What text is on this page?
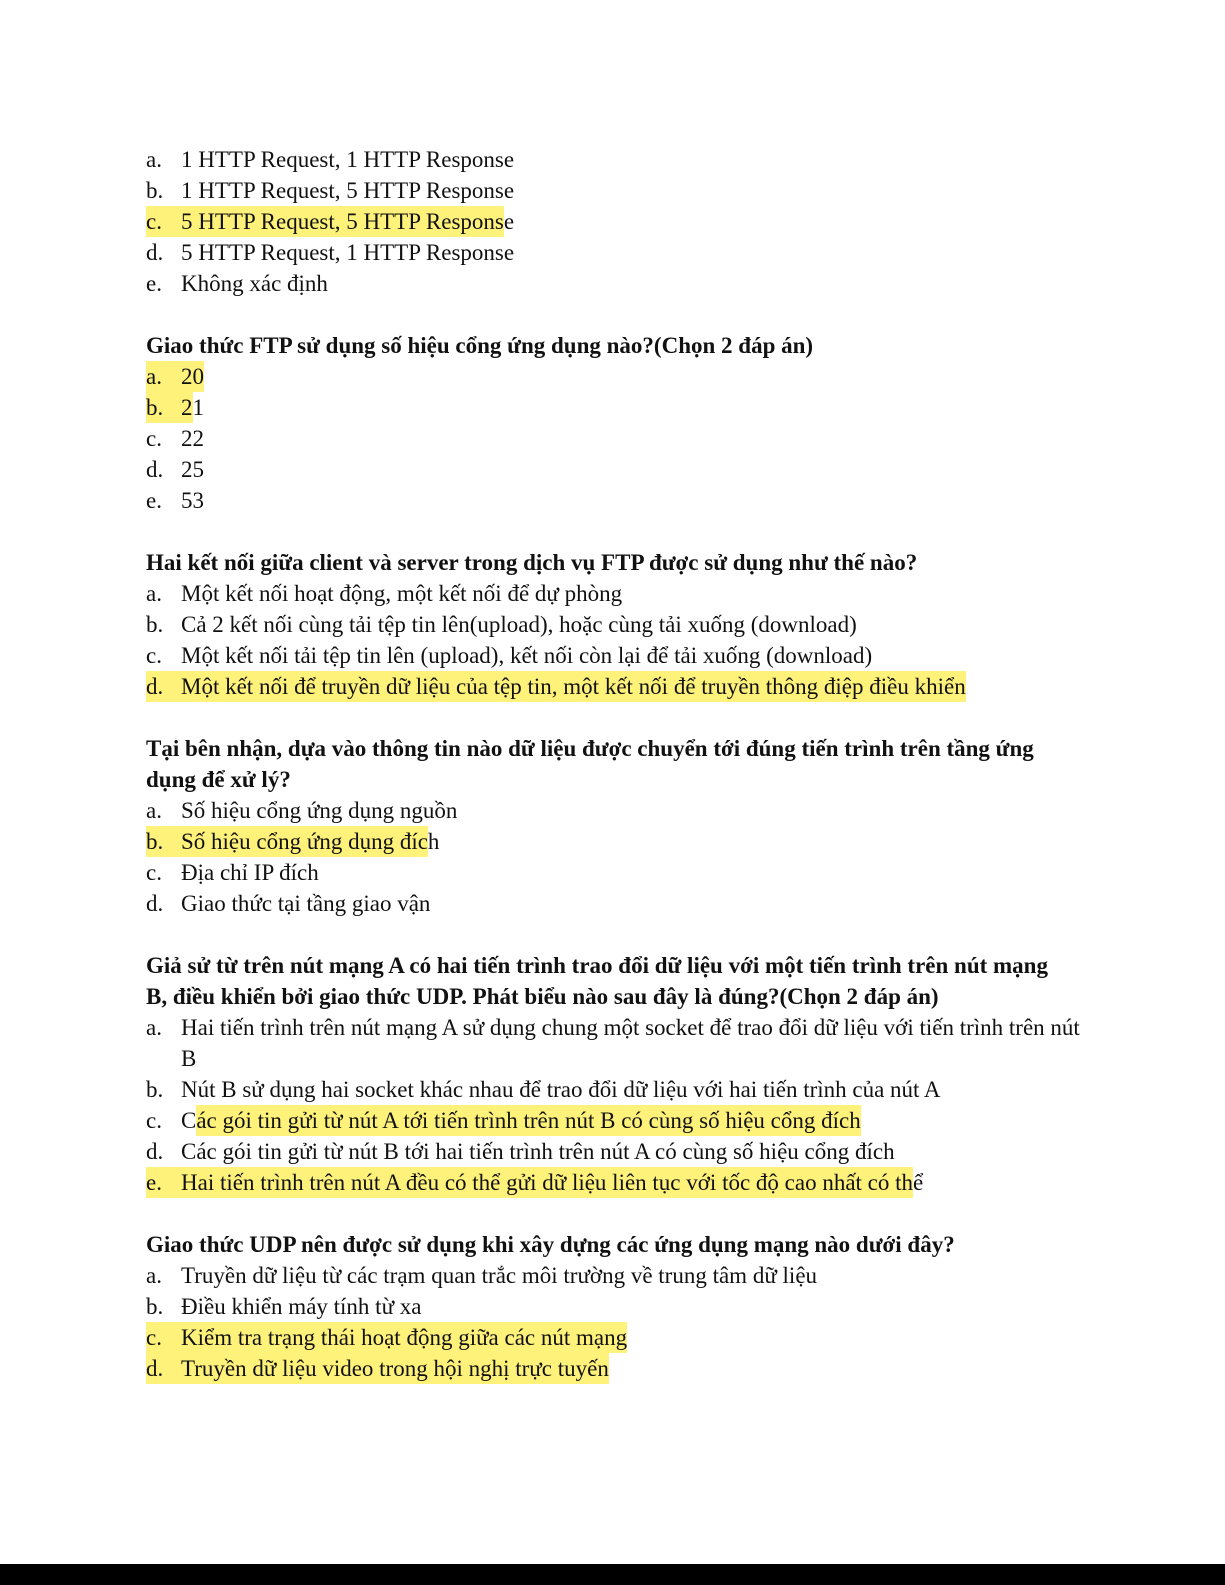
a. 1 HTTP Request, 1 HTTP Response

b. 1 HTTP Request, 5 HTTP Response

c. 5 HTTP Request, 5 HTTP Respons e

d. 5 HTTP Request, 1 HTTP Response

e. Không xác định

Giao thức FTP sử dụng số hiệu cổng ứng dụng nào?(Chọn 2 đáp án)

a. 20

b. 2 1

c. 22

d. 25

e. 53

Hai kết nối giữa client và server trong dịch vụ FTP được sử dụng như thế nào?

a. Một kết nối hoạt động, một kết nối để dự phòng

b. Cả 2 kết nối cùng tải tệp tin lên(upload), hoặc cùng tải xuống (download)

c. Một kết nối tải tệp tin lên (upload), kết nối còn lại để tải xuống (download)

d. Một kết nối để truyền dữ liệu của tệp tin, một kết nối để truyền thông điệp điều khiển

Tại bên nhận, dựa vào thông tin nào dữ liệu được chuyển tới đúng tiến trình trên tầng ứng

dụng để xử lý?

a. Số hiệu cổng ứng dụng nguồn

b. Số hiệu cổng ứng dụng đíc h

c. Địa chỉ IP đích

d. Giao thức tại tầng giao vận

Giả sử từ trên nút mạng A có hai tiến trình trao đổi dữ liệu với một tiến trình trên nút mạng

B, điều khiển bởi giao thức UDP. Phát biểu nào sau đây là đúng?(Chọn 2 đáp án)

a. Hai tiến trình trên nút mạng A sử dụng chung một socket để trao đổi dữ liệu với tiến trình trên nút B

b. Nút B sử dụng hai socket khác nhau để trao đổi dữ liệu với hai tiến trình của nút A

c. C ác gói tin gửi từ nút A tới tiến trình trên nút B có cùng số hiệu cổng đích

d. Các gói tin gửi từ nút B tới hai tiến trình trên nút A có cùng số hiệu cổng đích

e. Hai tiến trình trên nút A đều có thể gửi dữ liệu liên tục với tốc độ cao nhất có th ể

Giao thức UDP nên được sử dụng khi xây dựng các ứng dụng mạng nào dưới đây?

a. Truyền dữ liệu từ các trạm quan trắc môi trường về trung tâm dữ liệu

b. Điều khiển máy tính từ xa

c. Kiểm tra trạng thái hoạt động giữa các nút mạng

d. Truyền dữ liệu video trong hội nghị trực tuyến
